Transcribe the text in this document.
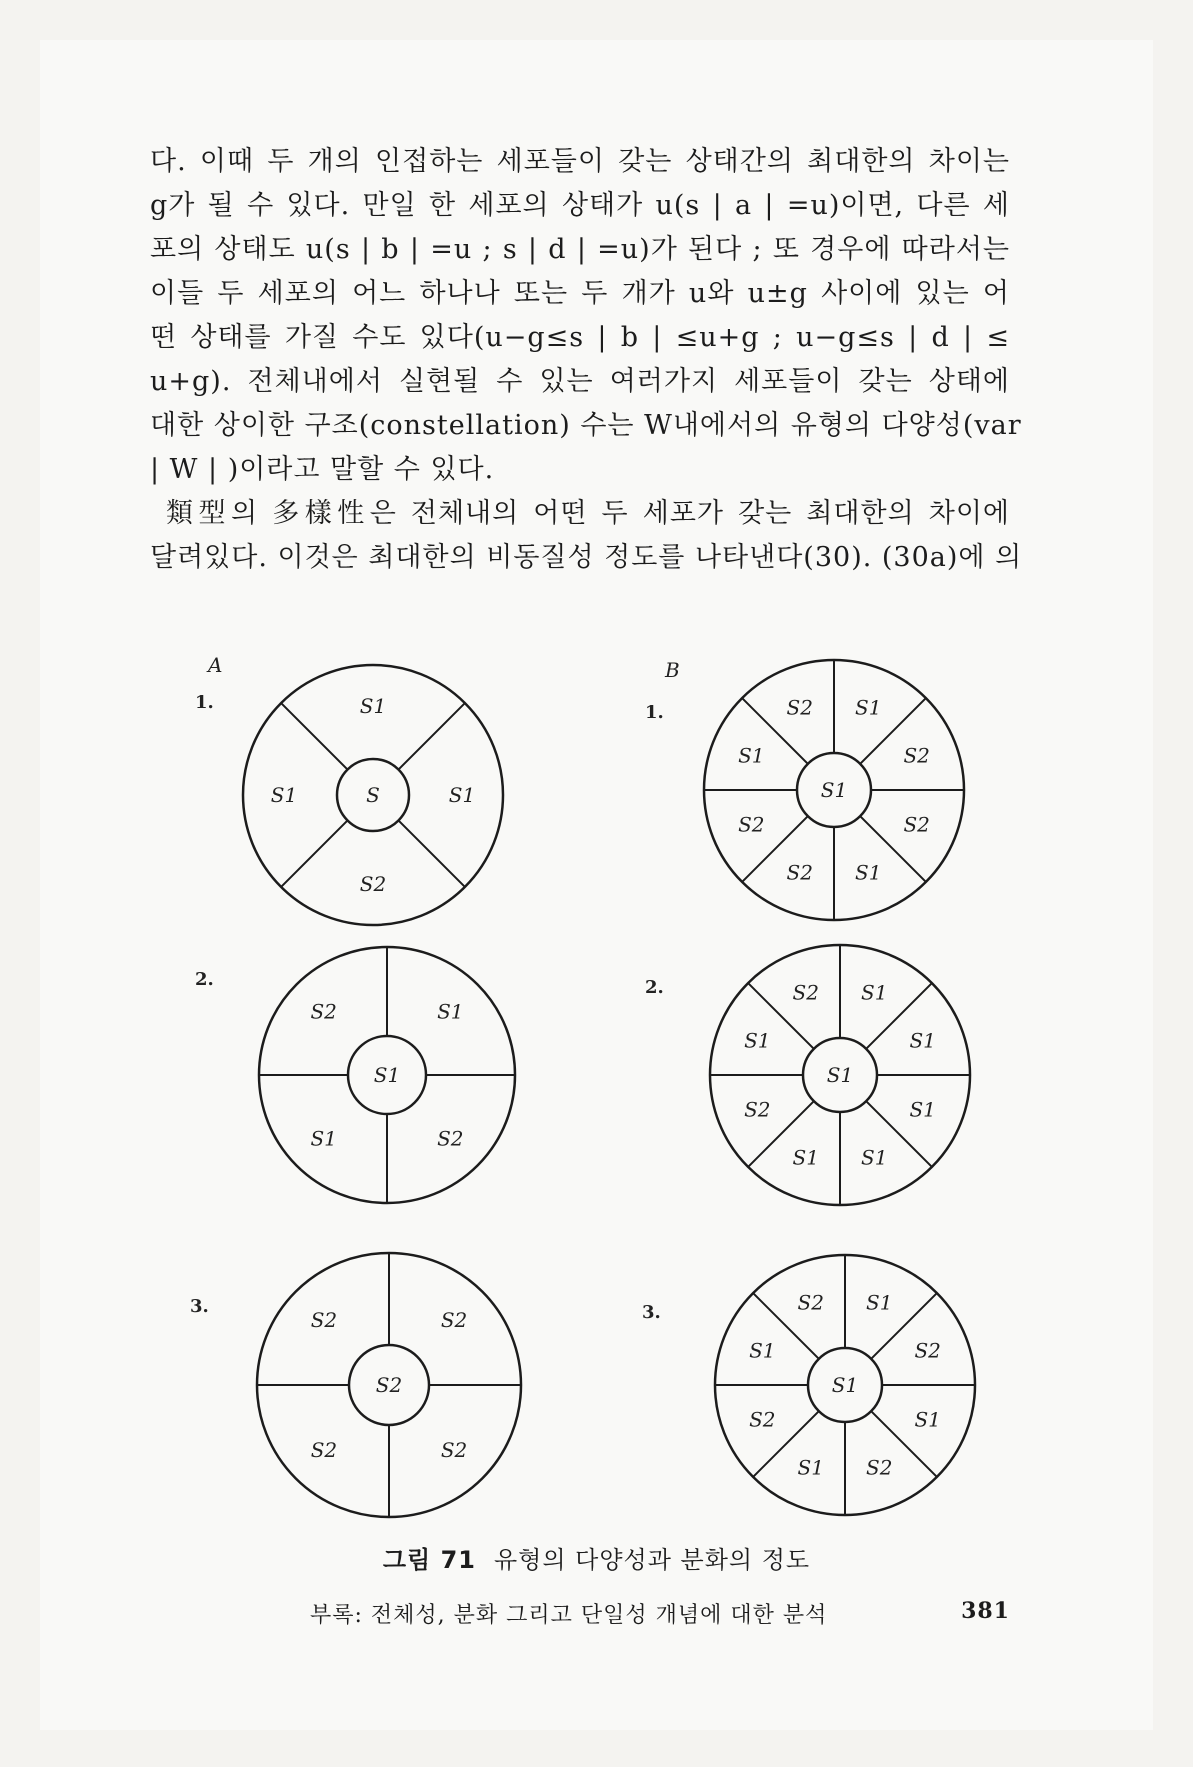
다. 이때 두 개의 인접하는 세포들이 갖는 상태간의 최대한의 차이는
g가 될 수 있다. 만일 한 세포의 상태가 u(s | a | =u)이면, 다른 세
포의 상태도 u(s | b | =u ; s | d | =u)가 된다 ; 또 경우에 따라서는
이들 두 세포의 어느 하나나 또는 두 개가 u와 u±g 사이에 있는 어
떤 상태를 가질 수도 있다(u−g≤s | b | ≤u+g ; u−g≤s | d | ≤
u+g). 전체내에서 실현될 수 있는 여러가지 세포들이 갖는 상태에
대한 상이한 구조(constellation) 수는 W내에서의 유형의 다양성(var
| W | )이라고 말할 수 있다.
類型의 多樣性은 전체내의 어떤 두 세포가 갖는 최대한의 차이에
달려있다. 이것은 최대한의 비동질성 정도를 나타낸다(30). (30a)에 의
A	B
1.	1.
2.	2.
3.	3.
S
S1
S1
S2
S1
S1
S1
S2
S1
S2
S2
S2
S2
S2
S2
S1
S1
S2
S2
S1
S2
S2
S1
S2
S1
S1
S1
S1
S1
S1
S2
S1
S2
S1
S1
S2
S1
S2
S1
S2
S1
S2
그림 71 유형의 다양성과 분화의 정도
부록: 전체성, 분화 그리고 단일성 개념에 대한 분석	381
